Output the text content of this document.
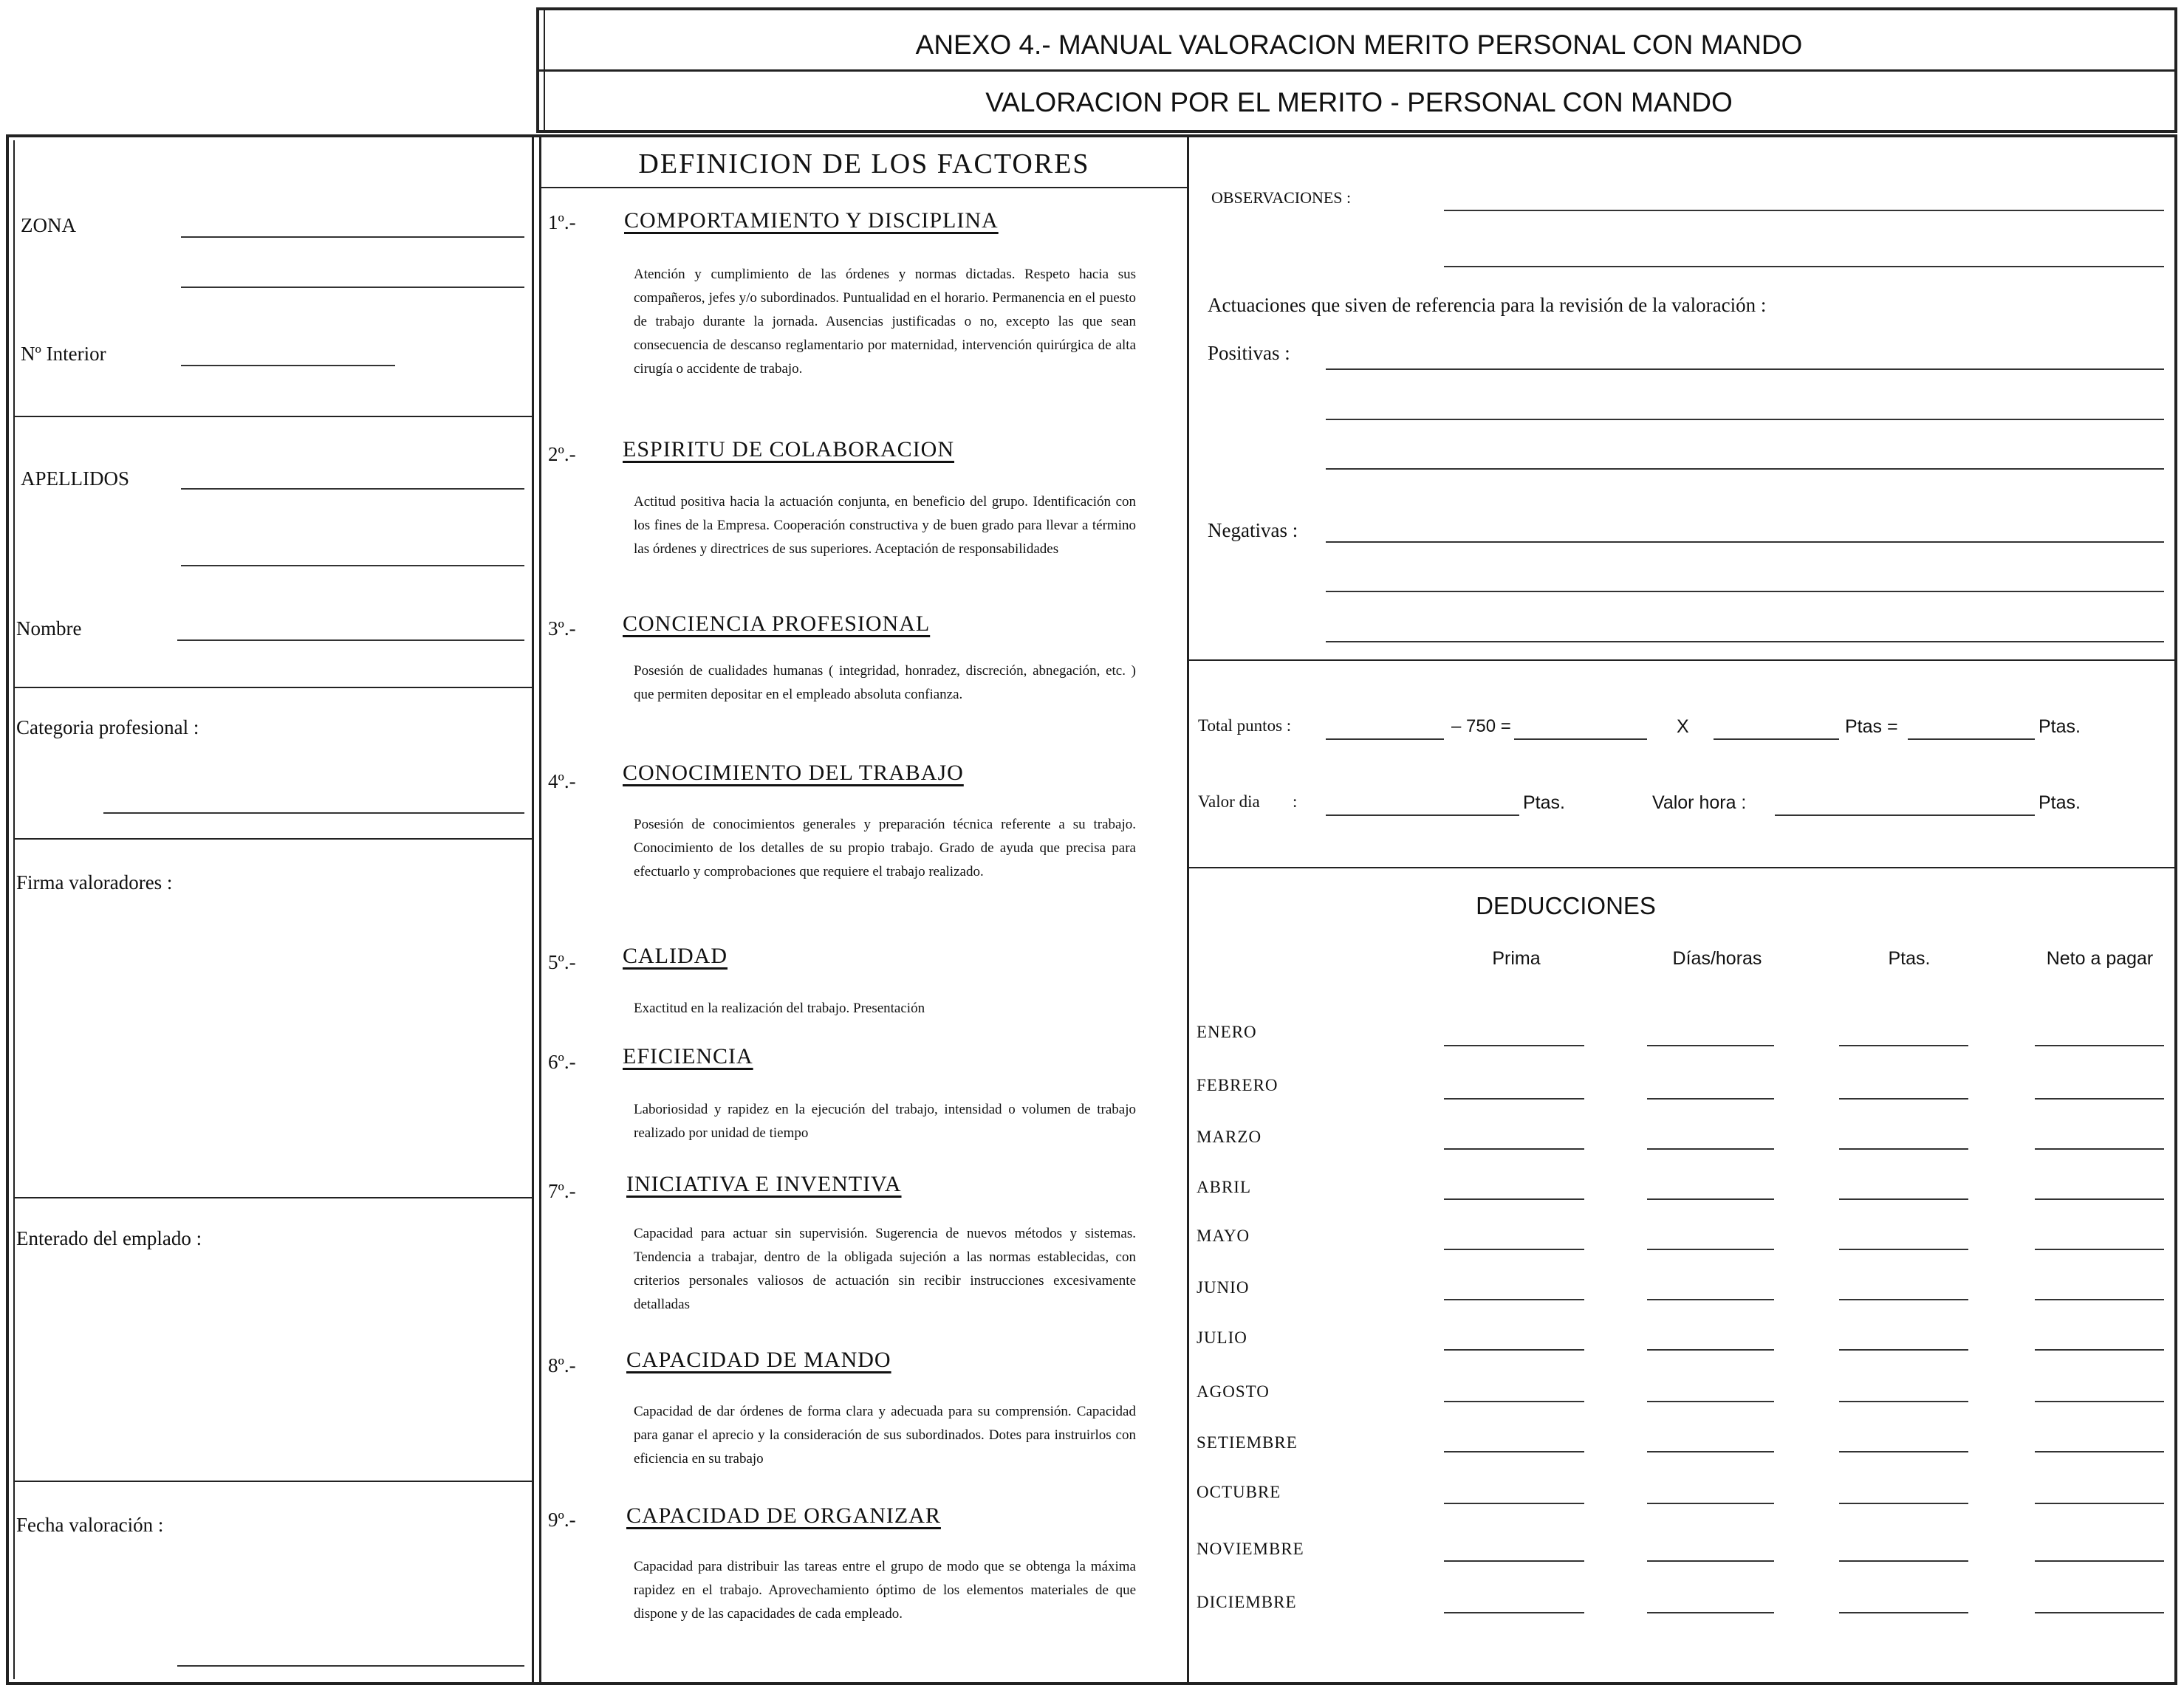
ANEXO 4.- MANUAL VALORACION MERITO PERSONAL CON MANDO
VALORACION POR EL MERITO - PERSONAL CON MANDO
ZONA
Nº Interior
APELLIDOS
Nombre
Categoria profesional :
Firma valoradores :
Enterado del emplado :
Fecha valoración :
DEFINICION DE LOS FACTORES
1º.- COMPORTAMIENTO Y DISCIPLINA
Atención y cumplimiento de las órdenes y normas dictadas. Respeto hacia sus compañeros, jefes y/o subordinados. Puntualidad en el horario. Permanencia en el puesto de trabajo durante la jornada. Ausencias justificadas o no, excepto las que sean consecuencia de descanso reglamentario por maternidad, intervención quirúrgica de alta cirugía o accidente de trabajo.
2º.- ESPIRITU DE COLABORACION
Actitud positiva hacia la actuación conjunta, en beneficio del grupo. Identificación con los fines de la Empresa. Cooperación constructiva y de buen grado para llevar a término las órdenes y directrices de sus superiores. Aceptación de responsabilidades
3º.- CONCIENCIA PROFESIONAL
Posesión de cualidades humanas ( integridad, honradez, discreción, abnegación, etc. ) que permiten depositar en el empleado absoluta confianza.
4º.- CONOCIMIENTO DEL TRABAJO
Posesión de conocimientos generales y preparación técnica referente a su trabajo. Conocimiento de los detalles de su propio trabajo. Grado de ayuda que precisa para efectuarlo y comprobaciones que requiere el trabajo realizado.
5º.- CALIDAD
Exactitud en la realización del trabajo. Presentación
6º.- EFICIENCIA
Laboriosidad y rapidez en la ejecución del trabajo, intensidad o volumen de trabajo realizado por unidad de tiempo
7º.- INICIATIVA E INVENTIVA
Capacidad para actuar sin supervisión. Sugerencia de nuevos métodos y sistemas. Tendencia a trabajar, dentro de la obligada sujeción a las normas establecidas, con criterios personales valiosos de actuación sin recibir instrucciones excesivamente detalladas
8º.- CAPACIDAD DE MANDO
Capacidad de dar órdenes de forma clara y adecuada para su comprensión. Capacidad para ganar el aprecio y la consideración de sus subordinados. Dotes para instruirlos con eficiencia en su trabajo
9º.- CAPACIDAD DE ORGANIZAR
Capacidad para distribuir las tareas entre el grupo de modo que se obtenga la máxima rapidez en el trabajo. Aprovechamiento óptimo de los elementos materiales de que dispone y de las capacidades de cada empleado.
OBSERVACIONES :
Actuaciones que siven de referencia para la revisión de la valoración :
Positivas :
Negativas :
Total puntos :	– 750 =	X	Ptas =	Ptas.
Valor dia :	Ptas.	Valor hora :	Ptas.
DEDUCCIONES
Prima	Días/horas	Ptas.	Neto a pagar
ENERO
FEBRERO
MARZO
ABRIL
MAYO
JUNIO
JULIO
AGOSTO
SETIEMBRE
OCTUBRE
NOVIEMBRE
DICIEMBRE
